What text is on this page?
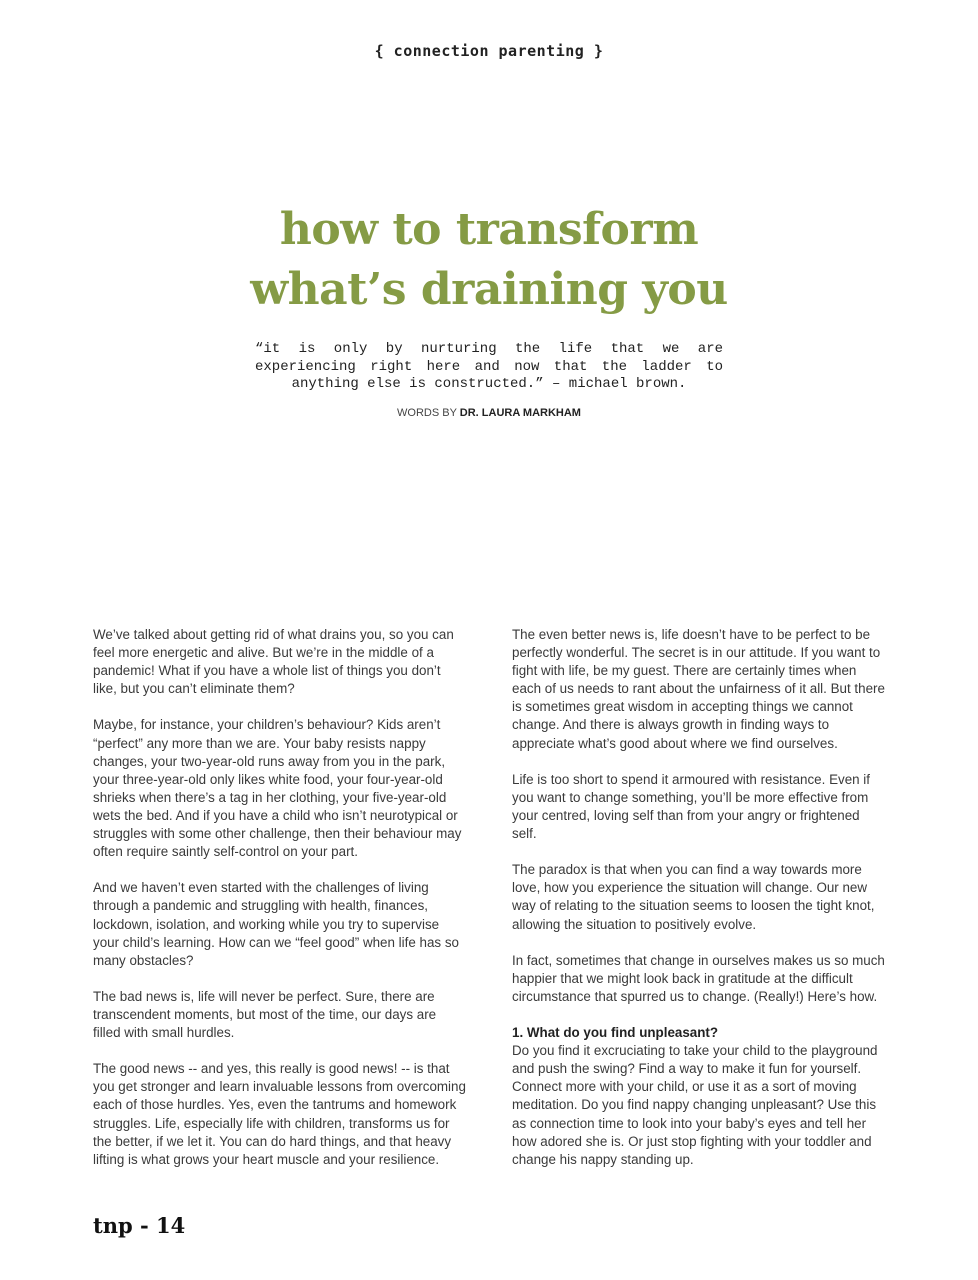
{ connection parenting }
how to transform
what’s draining you
“it is only by nurturing the life that we are experiencing right here and now that the ladder to anything else is constructed.” – michael brown.
WORDS BY DR. LAURA MARKHAM

We’ve talked about getting rid of what drains you, so you can feel more energetic and alive. But we’re in the middle of a pandemic! What if you have a whole list of things you don’t like, but you can’t eliminate them?

Maybe, for instance, your children’s behaviour? Kids aren’t “perfect” any more than we are. Your baby resists nappy changes, your two-year-old runs away from you in the park, your three-year-old only likes white food, your four-year-old shrieks when there’s a tag in her clothing, your five-year-old wets the bed. And if you have a child who isn’t neurotypical or struggles with some other challenge, then their behaviour may often require saintly self-control on your part.

And we haven’t even started with the challenges of living through a pandemic and struggling with health, finances, lockdown, isolation, and working while you try to supervise your child’s learning. How can we “feel good” when life has so many obstacles?

The bad news is, life will never be perfect. Sure, there are transcendent moments, but most of the time, our days are filled with small hurdles.

The good news -- and yes, this really is good news! -- is that you get stronger and learn invaluable lessons from overcoming each of those hurdles. Yes, even the tantrums and homework struggles. Life, especially life with children, transforms us for the better, if we let it. You can do hard things, and that heavy lifting is what grows your heart muscle and your resilience.

The even better news is, life doesn’t have to be perfect to be perfectly wonderful. The secret is in our attitude. If you want to fight with life, be my guest. There are certainly times when each of us needs to rant about the unfairness of it all. But there is sometimes great wisdom in accepting things we cannot change. And there is always growth in finding ways to appreciate what’s good about where we find ourselves.

Life is too short to spend it armoured with resistance. Even if you want to change something, you’ll be more effective from your centred, loving self than from your angry or frightened self.

The paradox is that when you can find a way towards more love, how you experience the situation will change. Our new way of relating to the situation seems to loosen the tight knot, allowing the situation to positively evolve.

In fact, sometimes that change in ourselves makes us so much happier that we might look back in gratitude at the difficult circumstance that spurred us to change. (Really!) Here’s how.

1. What do you find unpleasant?

Do you find it excruciating to take your child to the playground and push the swing? Find a way to make it fun for yourself. Connect more with your child, or use it as a sort of moving meditation. Do you find nappy changing unpleasant? Use this as connection time to look into your baby’s eyes and tell her how adored she is. Or just stop fighting with your toddler and change his nappy standing up.

tnp - 14
